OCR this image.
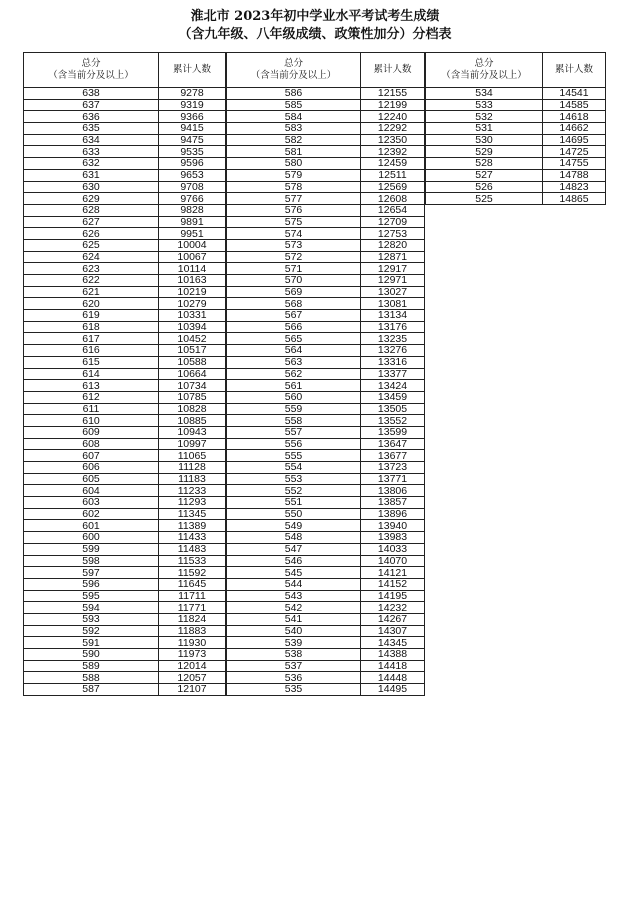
淮北市 2023年初中学业水平考试考生成绩
（含九年级、八年级成绩、政策性加分）分档表
总分
（含当前分及以上）	累计人数
638	9278
637	9319
636	9366
635	9415
634	9475
633	9535
632	9596
631	9653
630	9708
629	9766
628	9828
627	9891
626	9951
625	10004
624	10067
623	10114
622	10163
621	10219
620	10279
619	10331
618	10394
617	10452
616	10517
615	10588
614	10664
613	10734
612	10785
611	10828
610	10885
609	10943
608	10997
607	11065
606	11128
605	11183
604	11233
603	11293
602	11345
601	11389
600	11433
599	11483
598	11533
597	11592
596	11645
595	11711
594	11771
593	11824
592	11883
591	11930
590	11973
589	12014
588	12057
587	12107
总分
（含当前分及以上）	累计人数
586	12155
585	12199
584	12240
583	12292
582	12350
581	12392
580	12459
579	12511
578	12569
577	12608
576	12654
575	12709
574	12753
573	12820
572	12871
571	12917
570	12971
569	13027
568	13081
567	13134
566	13176
565	13235
564	13276
563	13316
562	13377
561	13424
560	13459
559	13505
558	13552
557	13599
556	13647
555	13677
554	13723
553	13771
552	13806
551	13857
550	13896
549	13940
548	13983
547	14033
546	14070
545	14121
544	14152
543	14195
542	14232
541	14267
540	14307
539	14345
538	14388
537	14418
536	14448
535	14495
总分
（含当前分及以上）	累计人数
534	14541
533	14585
532	14618
531	14662
530	14695
529	14725
528	14755
527	14788
526	14823
525	14865
